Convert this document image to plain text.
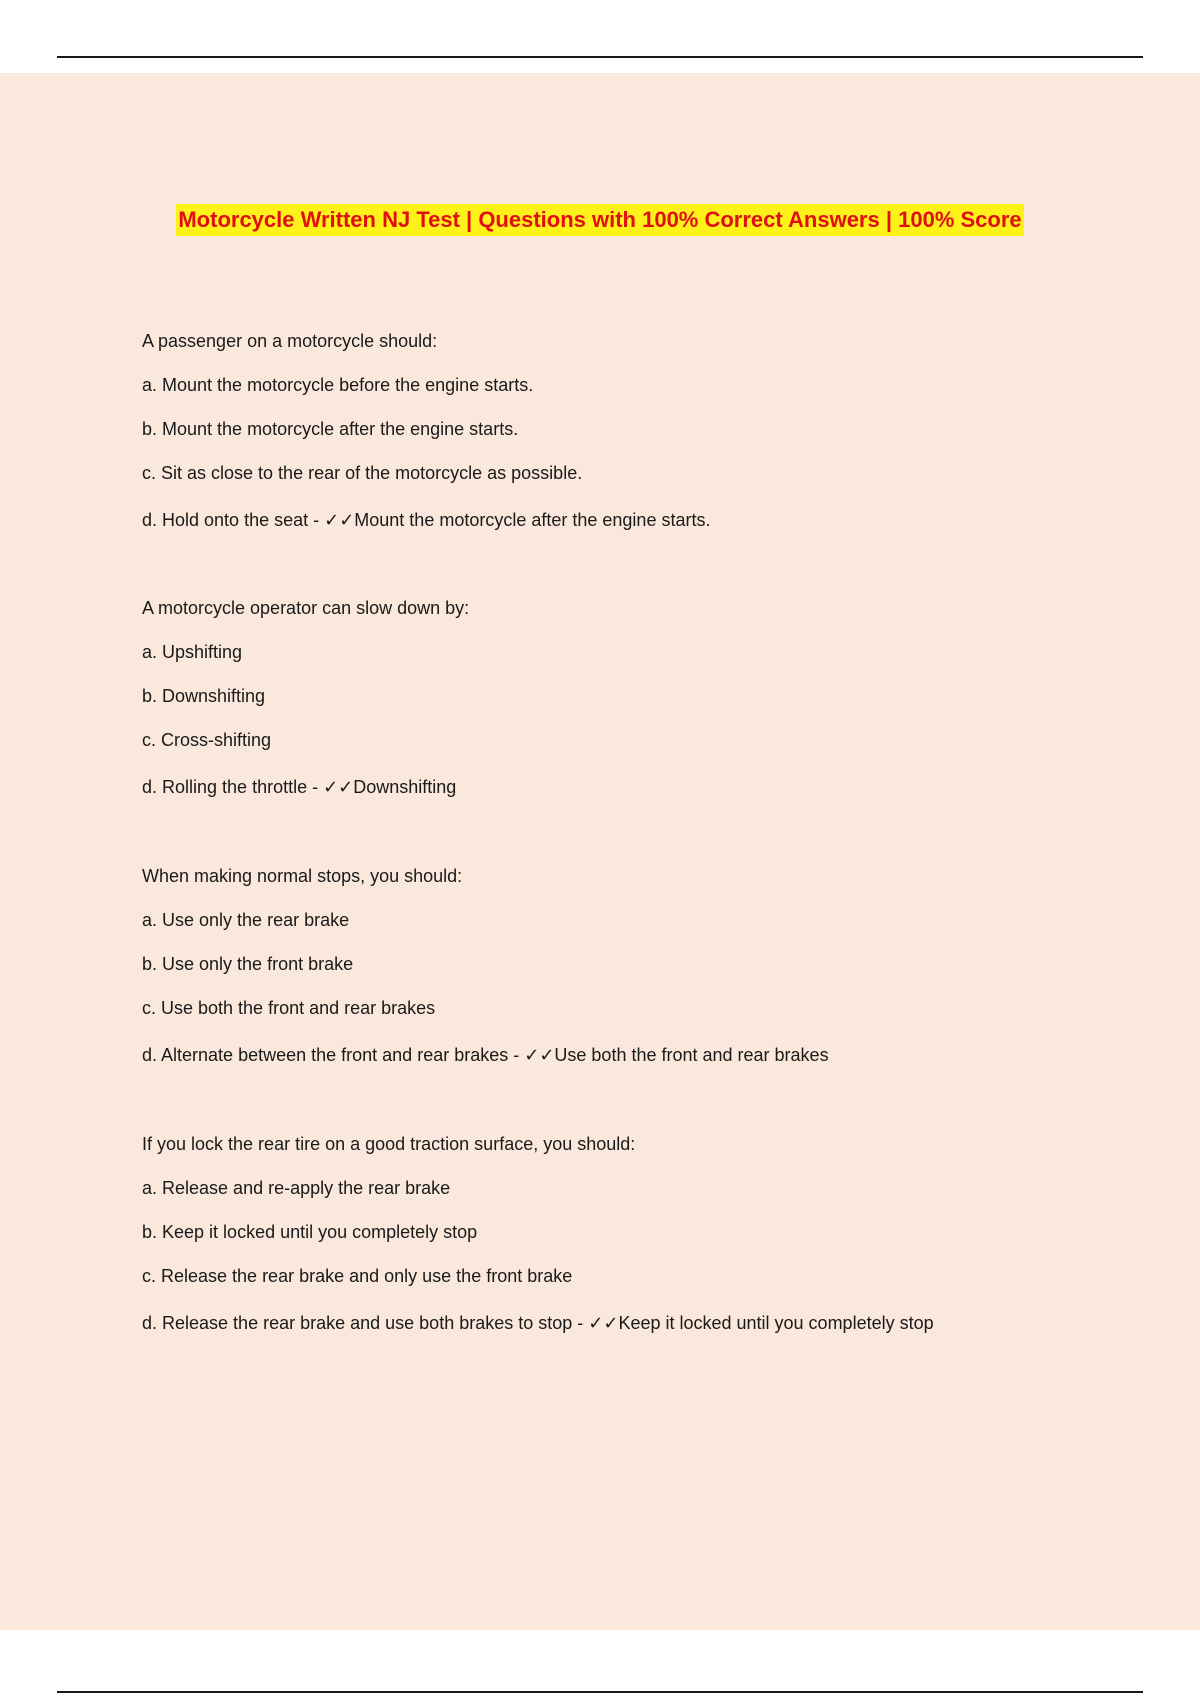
Motorcycle Written NJ Test | Questions with 100% Correct Answers | 100% Score
A passenger on a motorcycle should:
a. Mount the motorcycle before the engine starts.
b. Mount the motorcycle after the engine starts.
c. Sit as close to the rear of the motorcycle as possible.
d. Hold onto the seat - ✓✓Mount the motorcycle after the engine starts.
A motorcycle operator can slow down by:
a. Upshifting
b. Downshifting
c. Cross-shifting
d. Rolling the throttle - ✓✓Downshifting
When making normal stops, you should:
a. Use only the rear brake
b. Use only the front brake
c. Use both the front and rear brakes
d. Alternate between the front and rear brakes - ✓✓Use both the front and rear brakes
If you lock the rear tire on a good traction surface, you should:
a. Release and re-apply the rear brake
b. Keep it locked until you completely stop
c. Release the rear brake and only use the front brake
d. Release the rear brake and use both brakes to stop - ✓✓Keep it locked until you completely stop
